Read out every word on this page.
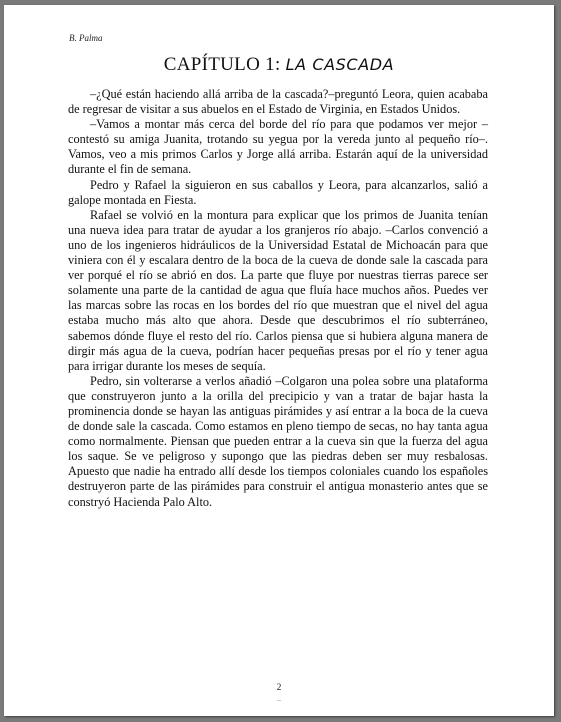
B. Palma
CAPÍTULO 1: LA CASCADA

–¿Qué están haciendo allá arriba de la cascada?–preguntó Leora, quien acababa de regresar de visitar a sus abuelos en el Estado de Virginia, en Estados Unidos.

–Vamos a montar más cerca del borde del río para que podamos ver mejor –contestó su amiga Juanita, trotando su yegua por la vereda junto al pequeño río–. Vamos, veo a mis primos Carlos y Jorge allá arriba. Estarán aquí de la universidad durante el fin de semana.

Pedro y Rafael la siguieron en sus caballos y Leora, para alcanzarlos, salió a galope montada en Fiesta.

Rafael se volvió en la montura para explicar que los primos de Juanita tenían una nueva idea para tratar de ayudar a los granjeros río abajo. –Carlos convenció a uno de los ingenieros hidráulicos de la Universidad Estatal de Michoacán para que viniera con él y escalara dentro de la boca de la cueva de donde sale la cascada para ver porqué el río se abrió en dos. La parte que fluye por nuestras tierras parece ser solamente una parte de la cantidad de agua que fluía hace muchos años. Puedes ver las marcas sobre las rocas en los bordes del río que muestran que el nivel del agua estaba mucho más alto que ahora. Desde que descubrimos el río subterráneo, sabemos dónde fluye el resto del río. Carlos piensa que si hubiera alguna manera de dirgir más agua de la cueva, podrían hacer pequeñas presas por el río y tener agua para irrigar durante los meses de sequía.

Pedro, sin volterarse a verlos añadió –Colgaron una polea sobre una plataforma que construyeron junto a la orilla del precipicio y van a tratar de bajar hasta la prominencia donde se hayan las antiguas pirámides y así entrar a la boca de la cueva de donde sale la cascada. Como estamos en pleno tiempo de secas, no hay tanta agua como normalmente. Piensan que pueden entrar a la cueva sin que la fuerza del agua los saque. Se ve peligroso y supongo que las piedras deben ser muy resbalosas. Apuesto que nadie ha entrado allí desde los tiempos coloniales cuando los españoles destruyeron parte de las pirámides para construir el antigua monasterio antes que se constryó Hacienda Palo Alto.

2
–
